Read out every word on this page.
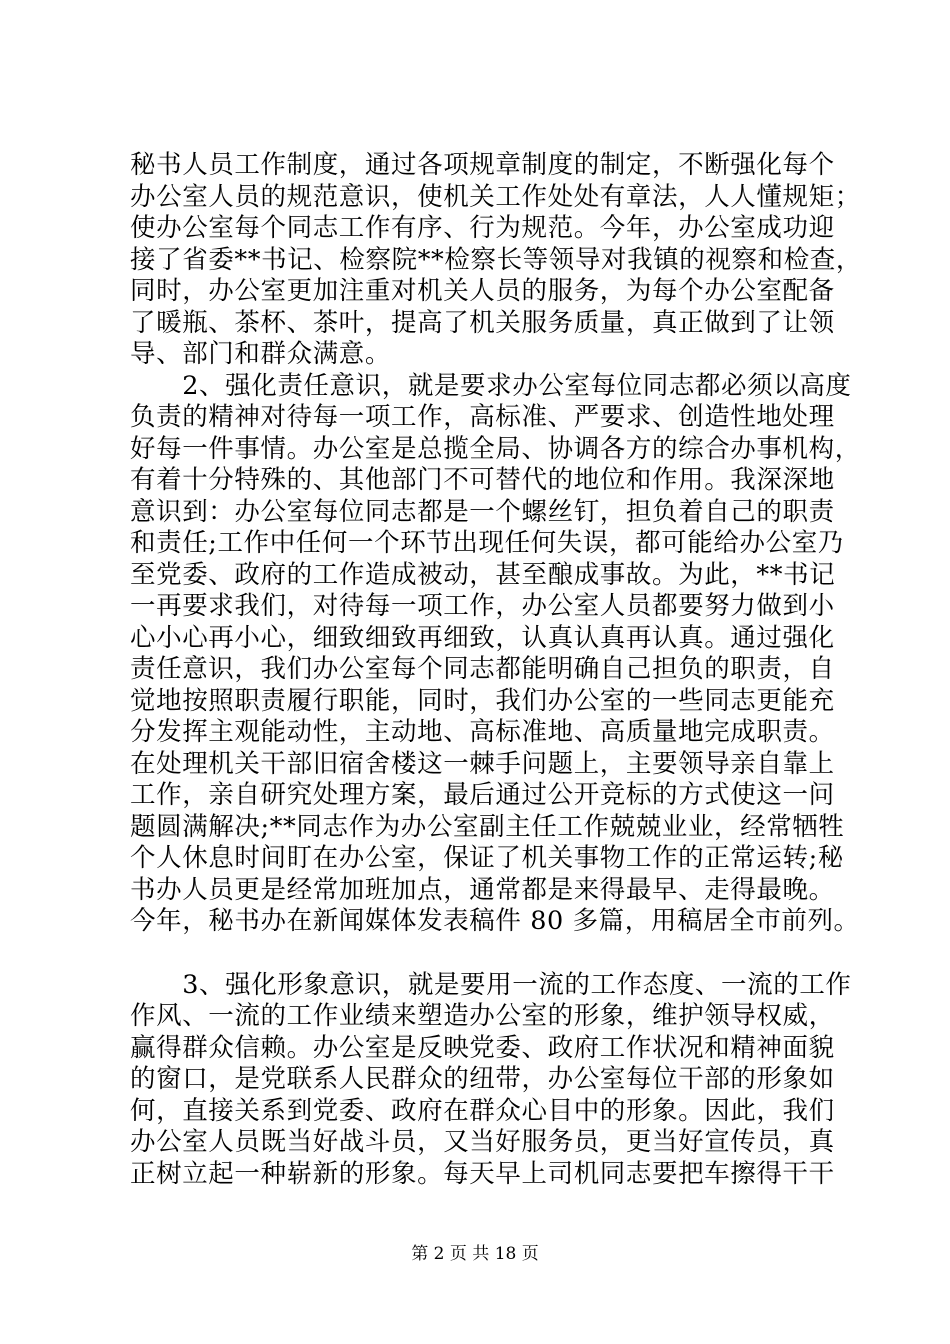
秘书人员工作制度，通过各项规章制度的制定，不断强化每个
办公室人员的规范意识，使机关工作处处有章法，人人懂规矩；
使办公室每个同志工作有序、行为规范。今年，办公室成功迎
接了省委**书记、检察院**检察长等领导对我镇的视察和检查，
同时，办公室更加注重对机关人员的服务，为每个办公室配备
了暖瓶、茶杯、茶叶，提高了机关服务质量，真正做到了让领
导、部门和群众满意。
　　2、强化责任意识，就是要求办公室每位同志都必须以高度
负责的精神对待每一项工作，高标准、严要求、创造性地处理
好每一件事情。办公室是总揽全局、协调各方的综合办事机构，
有着十分特殊的、其他部门不可替代的地位和作用。我深深地
意识到：办公室每位同志都是一个螺丝钉，担负着自己的职责
和责任;工作中任何一个环节出现任何失误，都可能给办公室乃
至党委、政府的工作造成被动，甚至酿成事故。为此，**书记
一再要求我们，对待每一项工作，办公室人员都要努力做到小
心小心再小心，细致细致再细致，认真认真再认真。通过强化
责任意识，我们办公室每个同志都能明确自己担负的职责，自
觉地按照职责履行职能，同时，我们办公室的一些同志更能充
分发挥主观能动性，主动地、高标准地、高质量地完成职责。
在处理机关干部旧宿舍楼这一棘手问题上，主要领导亲自靠上
工作，亲自研究处理方案，最后通过公开竞标的方式使这一问
题圆满解决;**同志作为办公室副主任工作兢兢业业，经常牺牲
个人休息时间盯在办公室，保证了机关事物工作的正常运转;秘
书办人员更是经常加班加点，通常都是来得最早、走得最晚。
今年，秘书办在新闻媒体发表稿件 80 多篇，用稿居全市前列。
　　3、强化形象意识，就是要用一流的工作态度、一流的工作
作风、一流的工作业绩来塑造办公室的形象，维护领导权威，
赢得群众信赖。办公室是反映党委、政府工作状况和精神面貌
的窗口，是党联系人民群众的纽带，办公室每位干部的形象如
何，直接关系到党委、政府在群众心目中的形象。因此，我们
办公室人员既当好战斗员，又当好服务员，更当好宣传员，真
正树立起一种崭新的形象。每天早上司机同志要把车擦得干干
第 2 页 共 18 页
